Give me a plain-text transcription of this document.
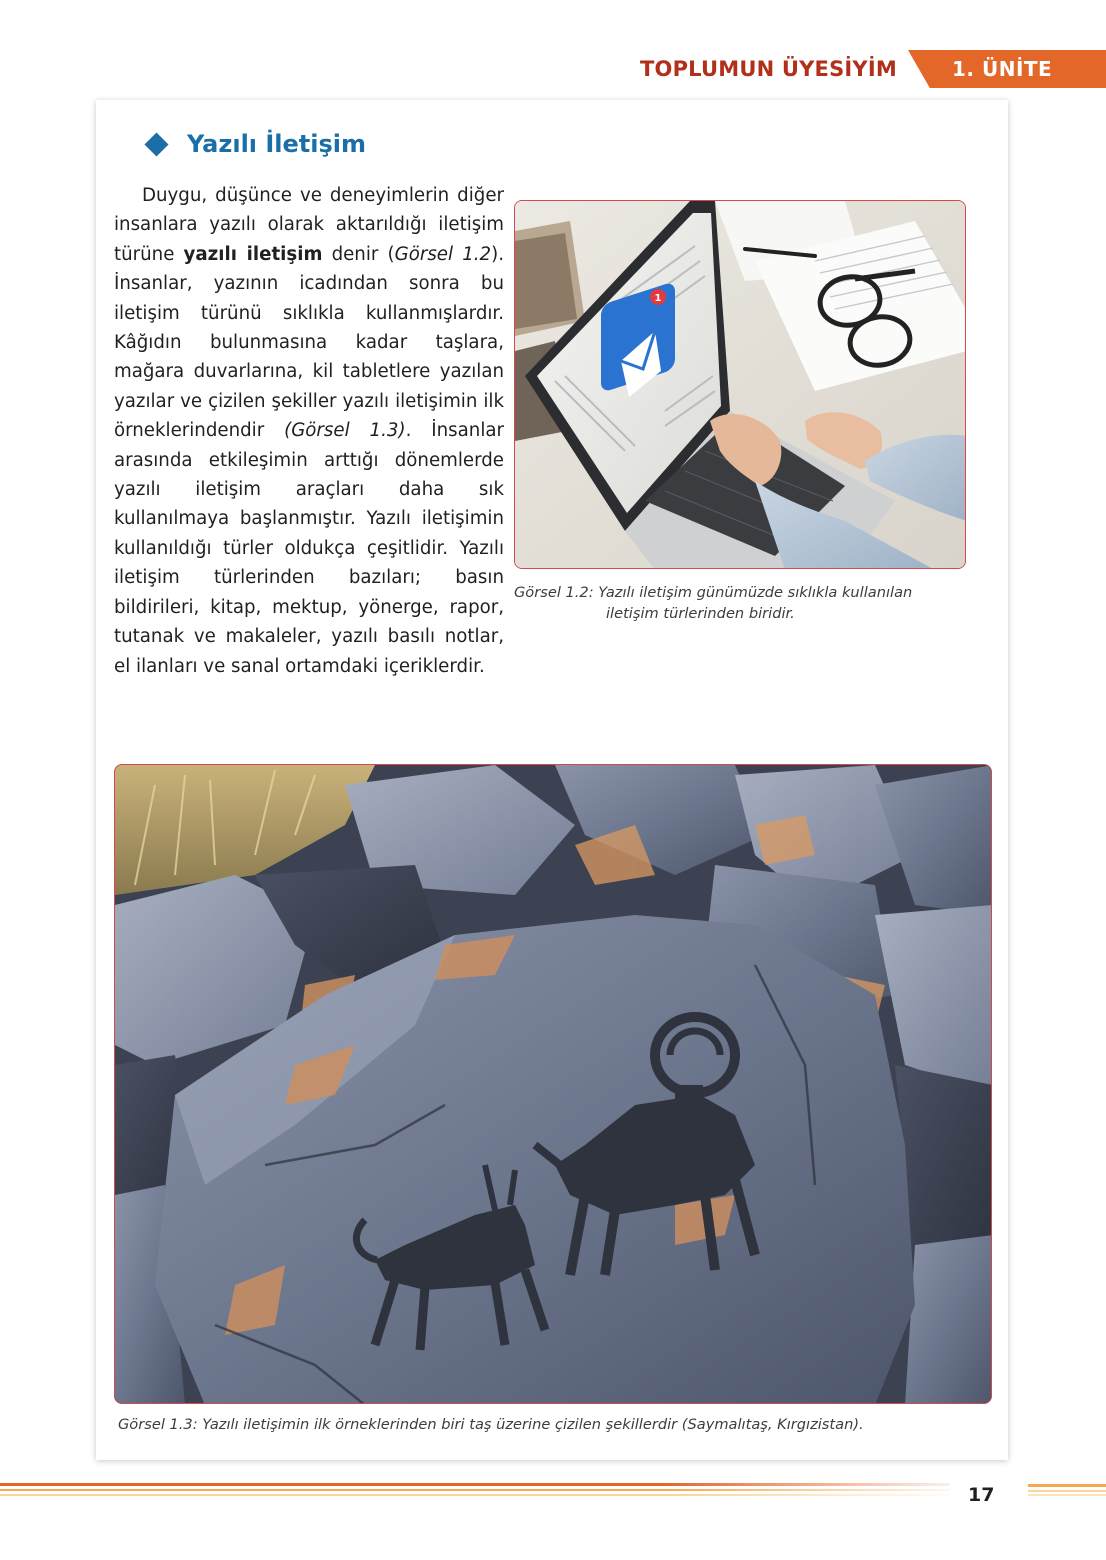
TOPLUMUN ÜYESİYİM	1. ÜNİTE
Yazılı İletişim
Duygu, düşünce ve deneyimlerin diğer insanlara yazılı olarak aktarıldığı iletişim türüne yazılı iletişim denir (Görsel 1.2). İnsanlar, yazının icadından sonra bu iletişim türünü sıklıkla kullanmışlardır. Kâğıdın bulunmasına kadar taşlara, mağara duvarlarına, kil tabletlere yazılan yazılar ve çizilen şekiller yazılı iletişimin ilk örneklerindendir (Görsel 1.3). İnsanlar arasında etkileşimin arttığı dönemlerde yazılı iletişim araçları daha sık kullanılmaya başlanmıştır. Yazılı iletişimin kullanıldığı türler oldukça çeşitlidir. Yazılı iletişim türlerinden bazıları; basın bildirileri, kitap, mektup, yönerge, rapor, tutanak ve makaleler, yazılı basılı notlar, el ilanları ve sanal ortamdaki içeriklerdir.
1
Görsel 1.2: Yazılı iletişim günümüzde sıklıkla kullanılan
iletişim türlerinden biridir.
Görsel 1.3: Yazılı iletişimin ilk örneklerinden biri taş üzerine çizilen şekillerdir (Saymalıtaş, Kırgızistan).
17
